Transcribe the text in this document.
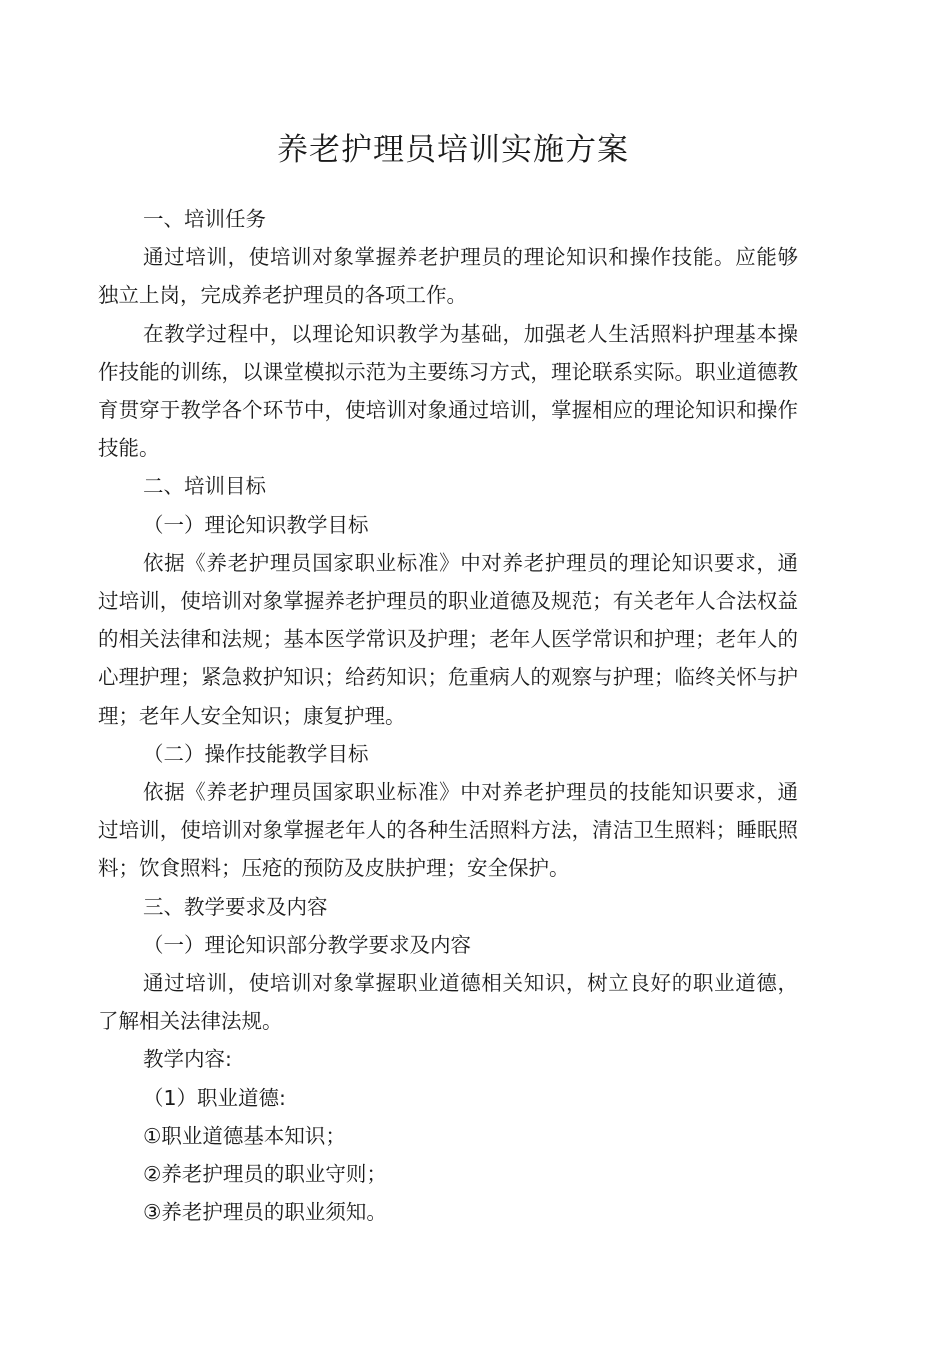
养老护理员培训实施方案

一、培训任务

通过培训，使培训对象掌握养老护理员的理论知识和操作技能。应能够独立上岗，完成养老护理员的各项工作。

在教学过程中，以理论知识教学为基础，加强老人生活照料护理基本操作技能的训练，以课堂模拟示范为主要练习方式，理论联系实际。职业道德教育贯穿于教学各个环节中，使培训对象通过培训，掌握相应的理论知识和操作技能。

二、培训目标

（一）理论知识教学目标

依据《养老护理员国家职业标准》中对养老护理员的理论知识要求，通过培训，使培训对象掌握养老护理员的职业道德及规范；有关老年人合法权益的相关法律和法规；基本医学常识及护理；老年人医学常识和护理；老年人的心理护理；紧急救护知识；给药知识；危重病人的观察与护理；临终关怀与护理；老年人安全知识；康复护理。

（二）操作技能教学目标

依据《养老护理员国家职业标准》中对养老护理员的技能知识要求，通过培训，使培训对象掌握老年人的各种生活照料方法，清洁卫生照料；睡眠照料；饮食照料；压疮的预防及皮肤护理；安全保护。

三、教学要求及内容

（一）理论知识部分教学要求及内容

通过培训，使培训对象掌握职业道德相关知识，树立良好的职业道德，了解相关法律法规。

教学内容:

（1）职业道德:

①职业道德基本知识；

②养老护理员的职业守则；

③养老护理员的职业须知。
